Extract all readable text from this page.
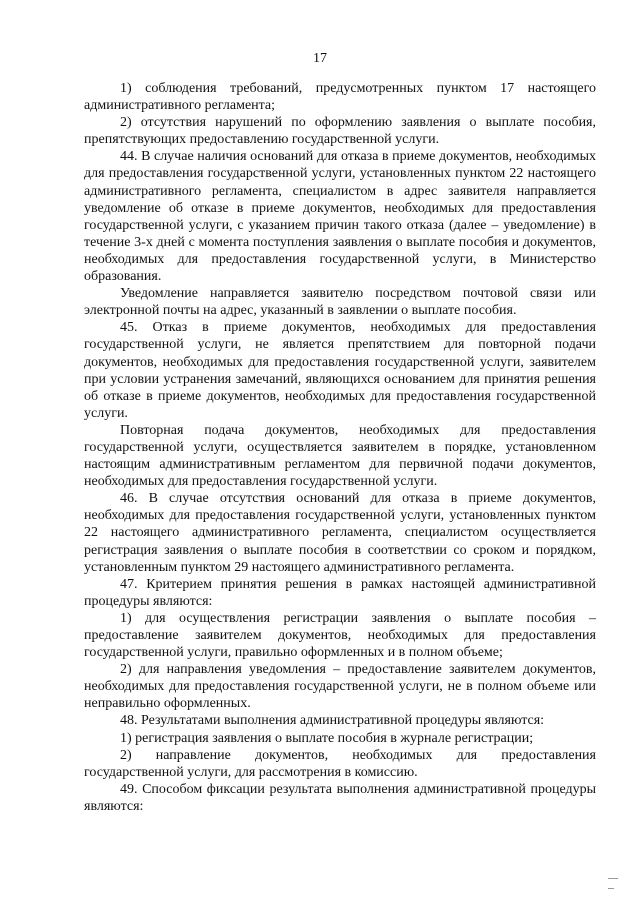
17

1) соблюдения требований, предусмотренных пунктом 17 настоящего административного регламента;

2) отсутствия нарушений по оформлению заявления о выплате пособия, препятствующих предоставлению государственной услуги.

44. В случае наличия оснований для отказа в приеме документов, необходимых для предоставления государственной услуги, установленных пунктом 22 настоящего административного регламента, специалистом в адрес заявителя направляется уведомление об отказе в приеме документов, необходимых для предоставления государственной услуги, с указанием причин такого отказа (далее – уведомление) в течение 3-х дней с момента поступления заявления о выплате пособия и документов, необходимых для предоставления государственной услуги, в Министерство образования.

Уведомление направляется заявителю посредством почтовой связи или электронной почты на адрес, указанный в заявлении о выплате пособия.

45. Отказ в приеме документов, необходимых для предоставления государственной услуги, не является препятствием для повторной подачи документов, необходимых для предоставления государственной услуги, заявителем при условии устранения замечаний, являющихся основанием для принятия решения об отказе в приеме документов, необходимых для предоставления государственной услуги.

Повторная подача документов, необходимых для предоставления государственной услуги, осуществляется заявителем в порядке, установленном настоящим административным регламентом для первичной подачи документов, необходимых для предоставления государственной услуги.

46. В случае отсутствия оснований для отказа в приеме документов, необходимых для предоставления государственной услуги, установленных пунктом 22 настоящего административного регламента, специалистом осуществляется регистрация заявления о выплате пособия в соответствии со сроком и порядком, установленным пунктом 29 настоящего административного регламента.

47. Критерием принятия решения в рамках настоящей административной процедуры являются:

1) для осуществления регистрации заявления о выплате пособия – предоставление заявителем документов, необходимых для предоставления государственной услуги, правильно оформленных и в полном объеме;

2) для направления уведомления – предоставление заявителем документов, необходимых для предоставления государственной услуги, не в полном объеме или неправильно оформленных.

48. Результатами выполнения административной процедуры являются:

1) регистрация заявления о выплате пособия в журнале регистрации;

2) направление документов, необходимых для предоставления государственной услуги, для рассмотрения в комиссию.

49. Способом фиксации результата выполнения административной процедуры являются:
